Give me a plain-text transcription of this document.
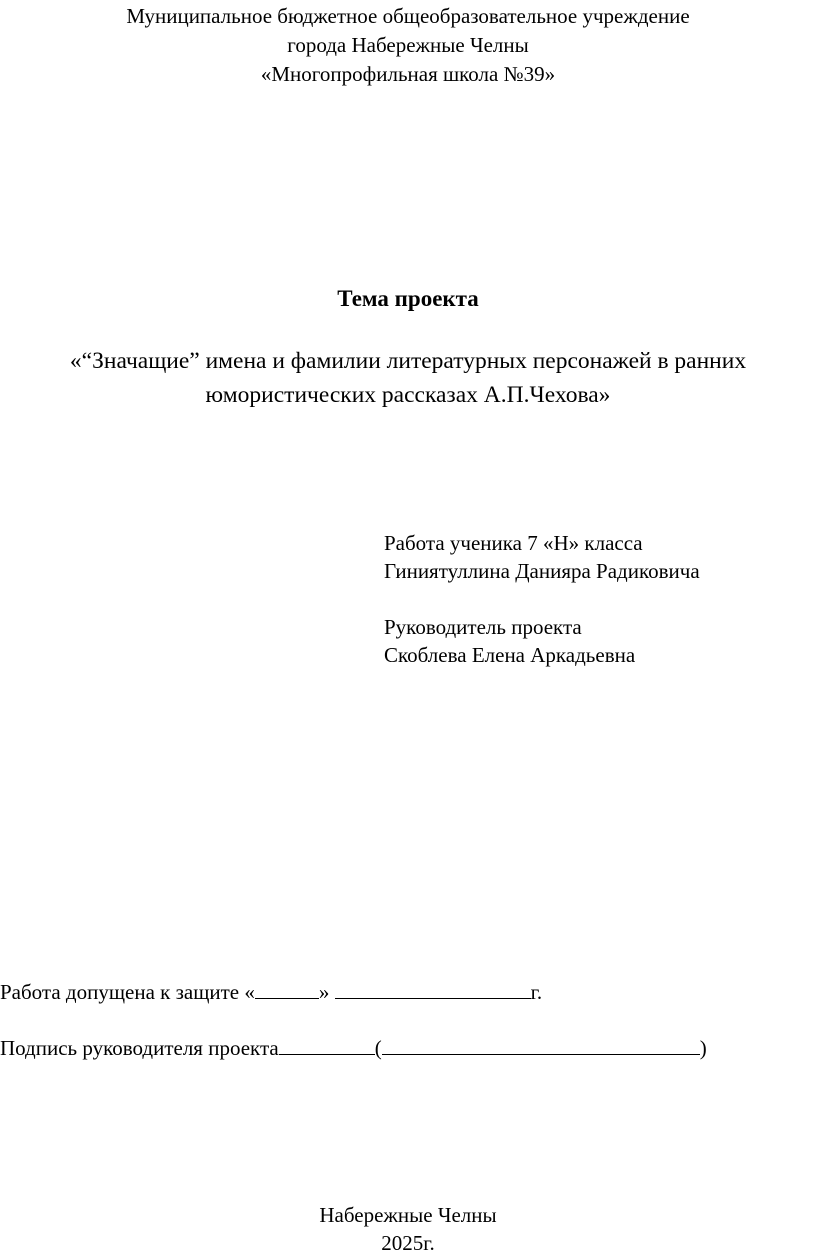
Муниципальное бюджетное общеобразовательное учреждение
города Набережные Челны
«Многопрофильная школа №39»
Тема проекта
«“Значащие” имена и фамилии литературных персонажей в ранних
юмористических рассказах А.П.Чехова»
Работа ученика 7 «Н» класса
Гиниятуллина Данияра Радиковича
Руководитель проекта
Скоблева Елена Аркадьевна
Работа допущена к защите «	»	г.
Подпись руководителя проекта	(	)
Набережные Челны
2025г.
